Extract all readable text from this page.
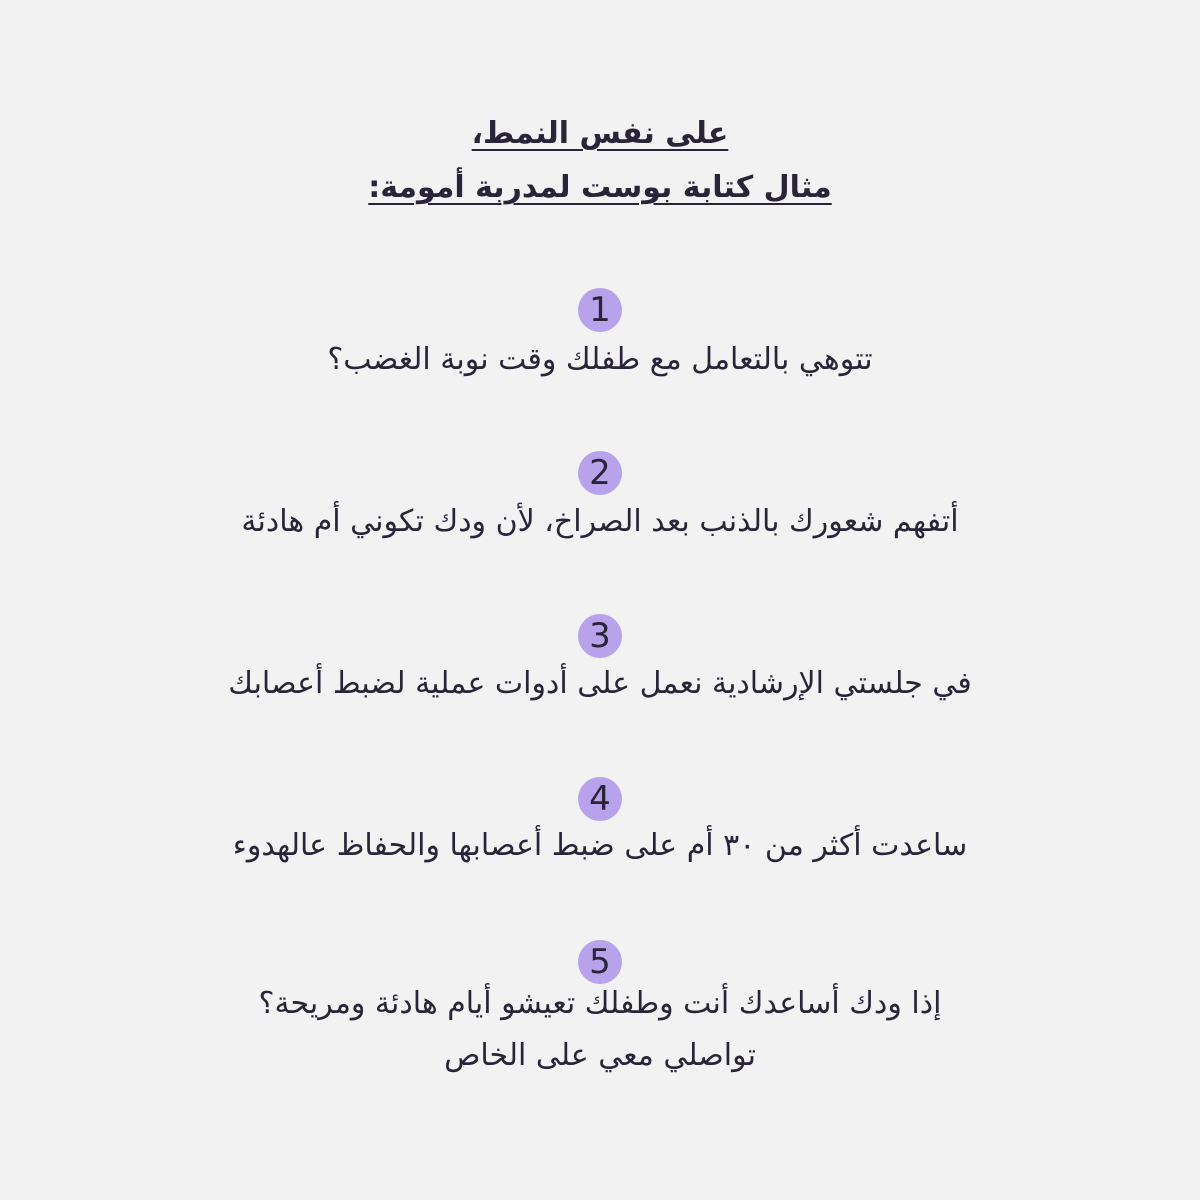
على نفس النمط،
مثال كتابة بوست لمدربة أمومة:
1
تتوهي بالتعامل مع طفلك وقت نوبة الغضب؟
2
أتفهم شعورك بالذنب بعد الصراخ، لأن ودك تكوني أم هادئة
3
في جلستي الإرشادية نعمل على أدوات عملية لضبط أعصابك
4
ساعدت أكثر من ٣٠ أم على ضبط أعصابها والحفاظ عالهدوء
5
إذا ودك أساعدك أنت وطفلك تعيشو أيام هادئة ومريحة؟
تواصلي معي على الخاص
